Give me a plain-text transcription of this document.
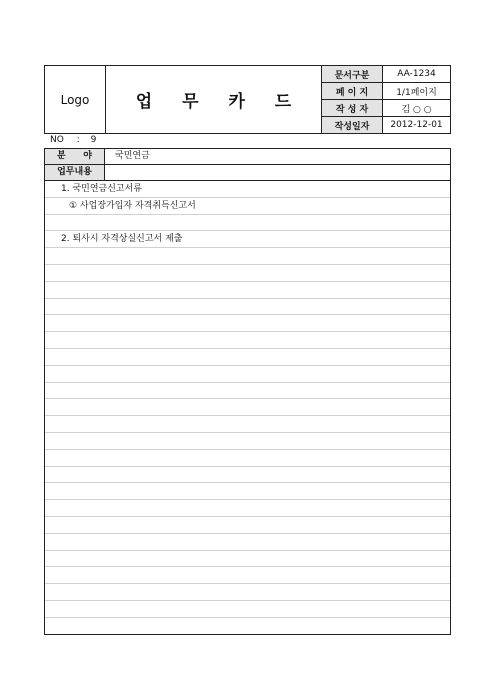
Logo	업 무 카 드	문서구분	AA-1234
		페 이 지	1/1페이지
		작 성 자	김 ○ ○
		작성일자	2012-12-01
NO : 9
분 야	국민연금
업무내용
1. 국민연금신고서류
① 사업장가입자 자격취득신고서
2. 퇴사시 자격상실신고서 제출
